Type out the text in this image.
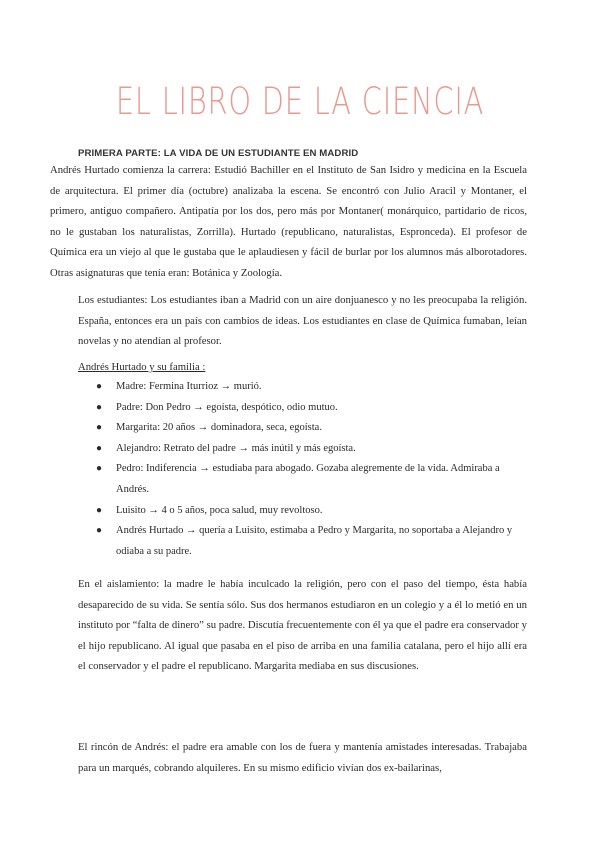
EL LIBRO DE LA CIENCIA
PRIMERA PARTE: LA VIDA DE UN ESTUDIANTE EN MADRID

Andrés Hurtado comienza la carrera: Estudió Bachiller en el Instituto de San Isidro y medicina en la Escuela de arquitectura. El primer día (octubre) analizaba la escena. Se encontró con Julio Aracil y Montaner, el primero, antiguo compañero. Antipatía por los dos, pero más por Montaner( monárquico, partidario de ricos, no le gustaban los naturalistas, Zorrilla). Hurtado (republicano, naturalistas, Espronceda). El profesor de Química era un viejo al que le gustaba que le aplaudiesen y fácil de burlar por los alumnos más alborotadores. Otras asignaturas que tenía eran: Botánica y Zoología.

Los estudiantes: Los estudiantes iban a Madrid con un aire donjuanesco y no les preocupaba la religión. España, entonces era un país con cambios de ideas. Los estudiantes en clase de Química fumaban, leían novelas y no atendían al profesor.

Andrés Hurtado y su familia :
● Madre: Fermina Iturrioz → murió.
● Padre: Don Pedro → egoísta, despótico, odio mutuo.
● Margarita: 20 años → dominadora, seca, egoísta.
● Alejandro: Retrato del padre → más inútil y más egoísta.
● Pedro: Indiferencia → estudiaba para abogado. Gozaba alegremente de la vida. Admiraba a Andrés.
● Luisito → 4 o 5 años, poca salud, muy revoltoso.
● Andrés Hurtado → quería a Luisito, estimaba a Pedro y Margarita, no soportaba a Alejandro y odiaba a su padre.

En el aislamiento: la madre le había inculcado la religión, pero con el paso del tiempo, ésta había desaparecido de su vida. Se sentía sólo. Sus dos hermanos estudiaron en un colegio y a él lo metió en un instituto por “falta de dinero” su padre. Discutía frecuentemente con él ya que el padre era conservador y el hijo republicano. Al igual que pasaba en el piso de arriba en una familia catalana, pero el hijo allí era el conservador y el padre el republicano. Margarita mediaba en sus discusiones.

El rincón de Andrés: el padre era amable con los de fuera y mantenía amistades interesadas. Trabajaba para un marqués, cobrando alquileres. En su mismo edificio vivían dos ex-bailarinas,
